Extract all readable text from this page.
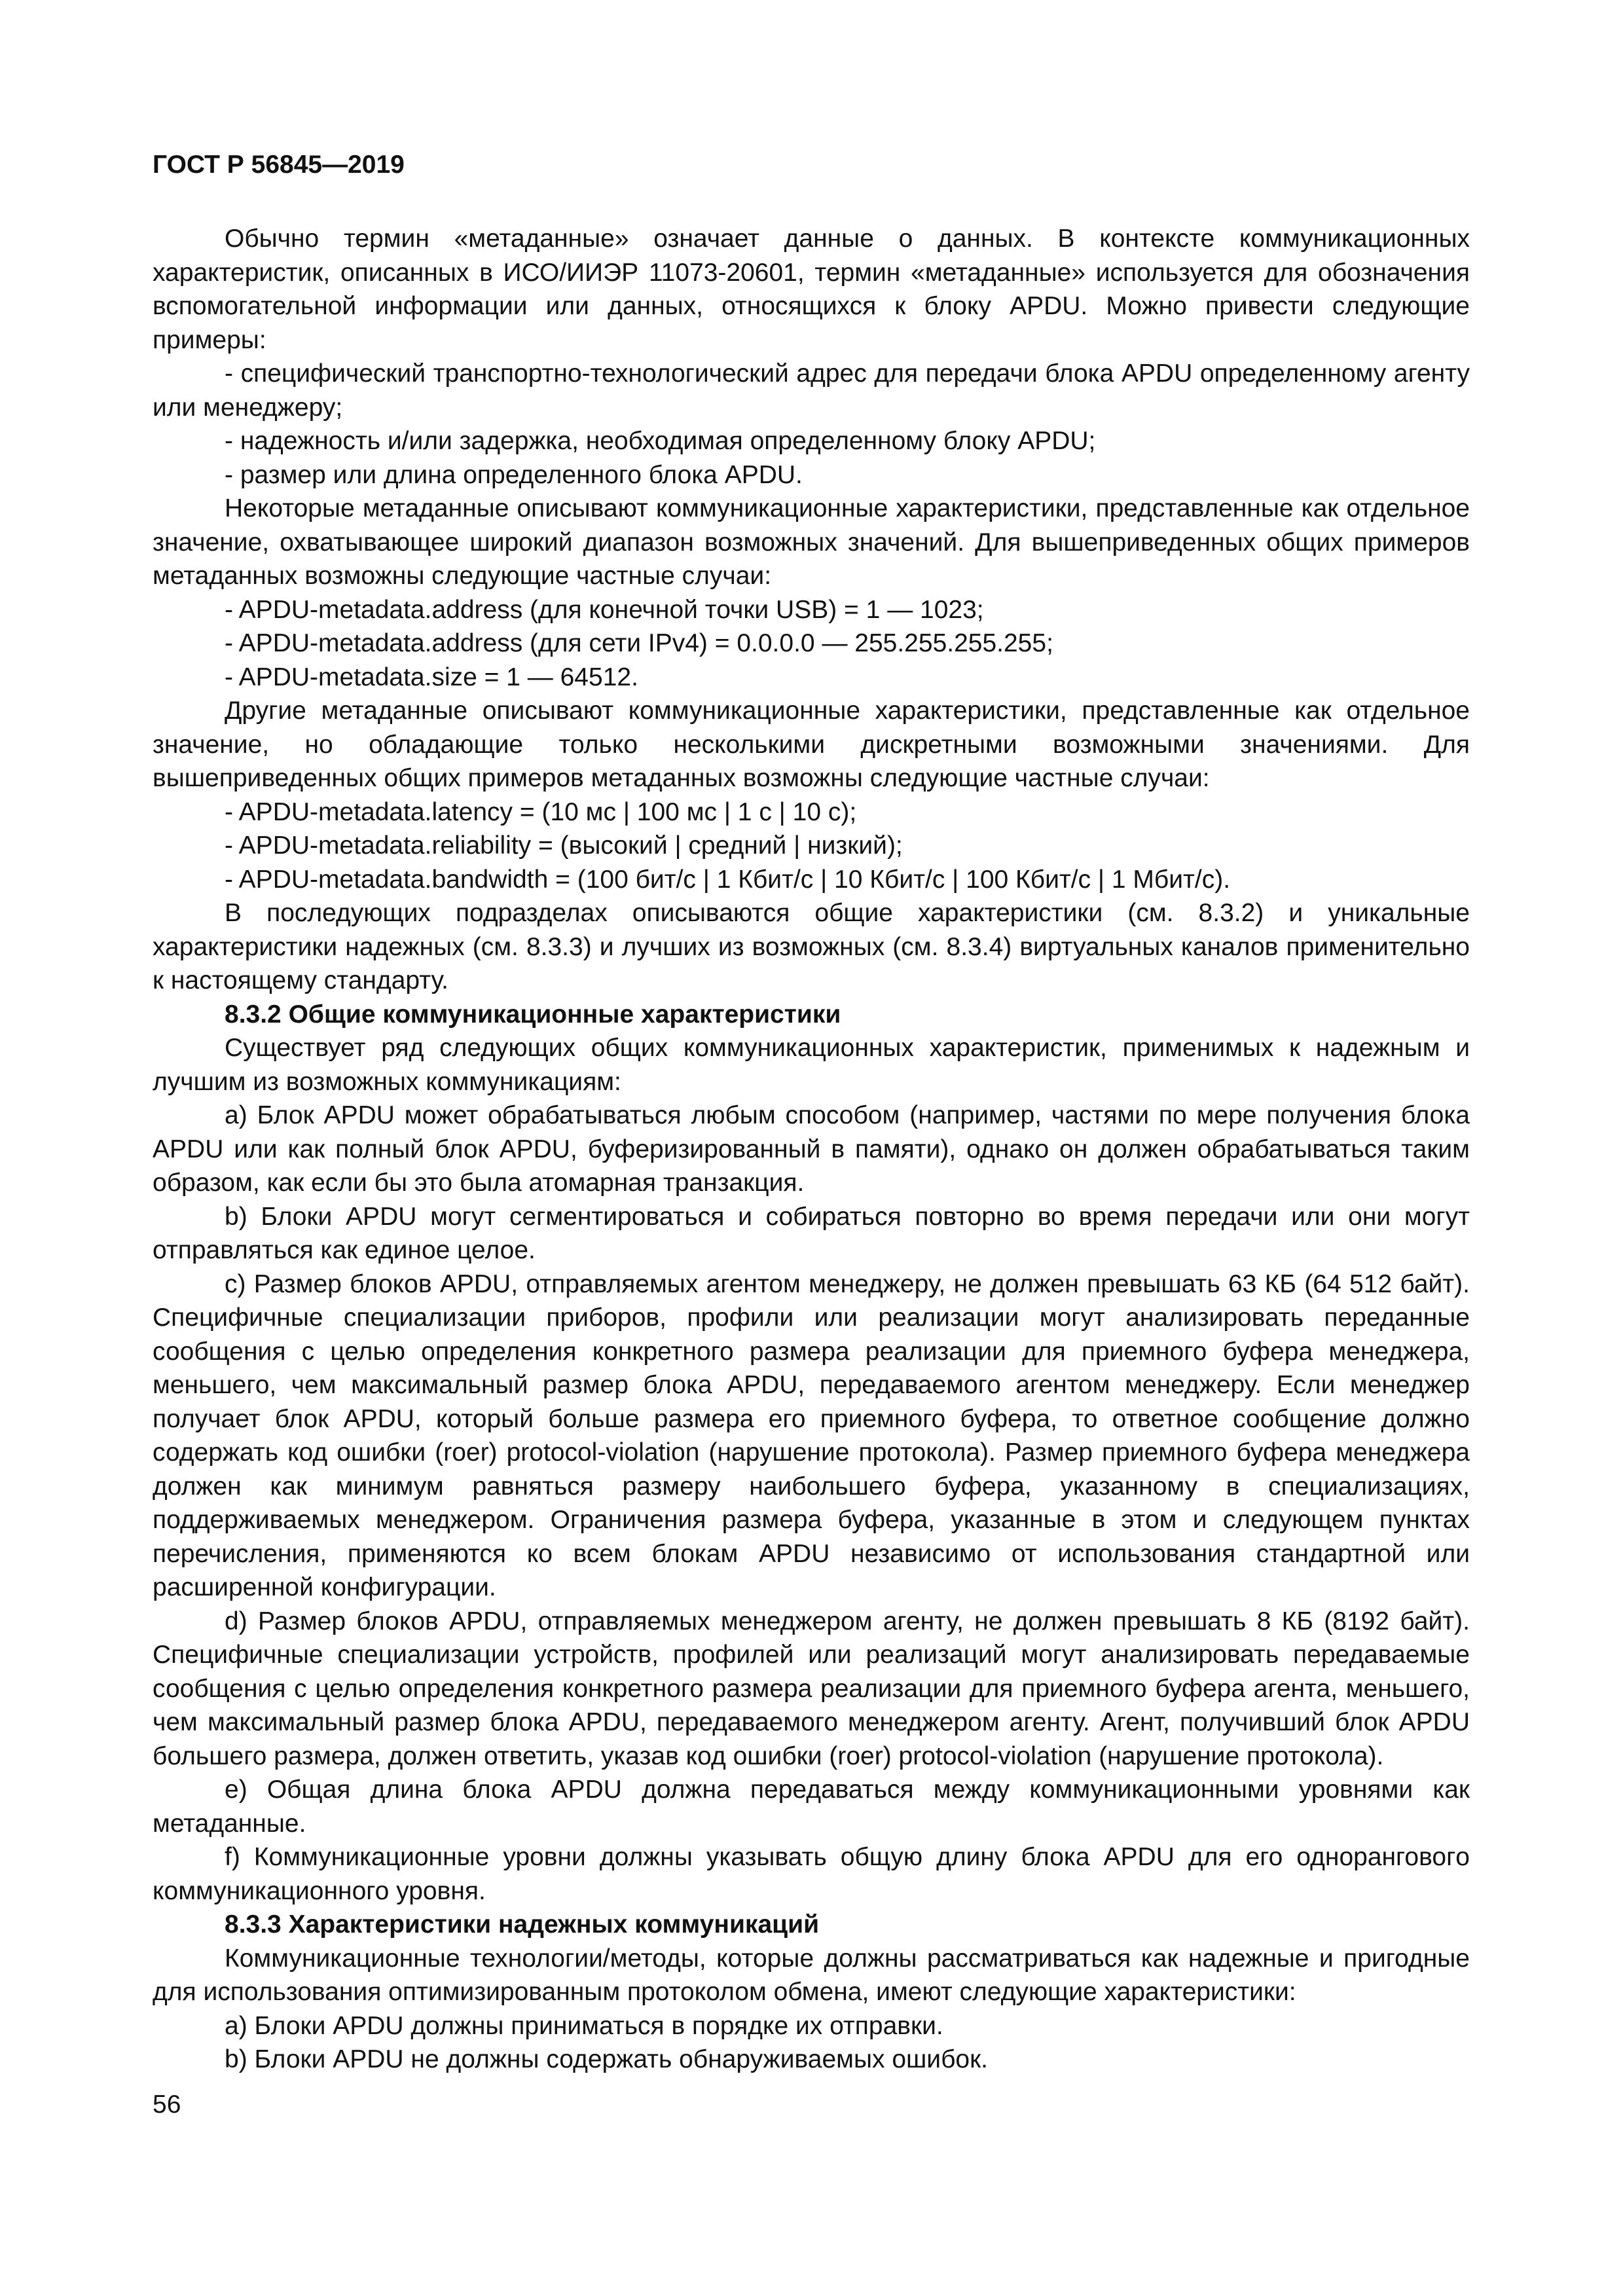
ГОСТ Р 56845—2019

Обычно термин «метаданные» означает данные о данных. В контексте коммуникационных характеристик, описанных в ИСО/ИИЭР 11073-20601, термин «метаданные» используется для обозначения вспомогательной информации или данных, относящихся к блоку APDU. Можно привести следующие примеры:

- специфический транспортно-технологический адрес для передачи блока APDU определенному агенту или менеджеру;

- надежность и/или задержка, необходимая определенному блоку APDU;

- размер или длина определенного блока APDU.

Некоторые метаданные описывают коммуникационные характеристики, представленные как отдельное значение, охватывающее широкий диапазон возможных значений. Для вышеприведенных общих примеров метаданных возможны следующие частные случаи:

- APDU-metadata.address (для конечной точки USB) = 1 — 1023;

- APDU-metadata.address (для сети IPv4) = 0.0.0.0 — 255.255.255.255;

- APDU-metadata.size = 1 — 64512.

Другие метаданные описывают коммуникационные характеристики, представленные как отдельное значение, но обладающие только несколькими дискретными возможными значениями. Для вышеприведенных общих примеров метаданных возможны следующие частные случаи:

- APDU-metadata.latency = (10 мс | 100 мс | 1 с | 10 с);

- APDU-metadata.reliability = (высокий | средний | низкий);

- APDU-metadata.bandwidth = (100 бит/с | 1 Кбит/с | 10 Кбит/с | 100 Кбит/с | 1 Мбит/с).

В последующих подразделах описываются общие характеристики (см. 8.3.2) и уникальные характеристики надежных (см. 8.3.3) и лучших из возможных (см. 8.3.4) виртуальных каналов применительно к настоящему стандарту.

8.3.2 Общие коммуникационные характеристики

Существует ряд следующих общих коммуникационных характеристик, применимых к надежным и лучшим из возможных коммуникациям:

a) Блок APDU может обрабатываться любым способом (например, частями по мере получения блока APDU или как полный блок APDU, буферизированный в памяти), однако он должен обрабатываться таким образом, как если бы это была атомарная транзакция.

b) Блоки APDU могут сегментироваться и собираться повторно во время передачи или они могут отправляться как единое целое.

c) Размер блоков APDU, отправляемых агентом менеджеру, не должен превышать 63 КБ (64 512 байт). Специфичные специализации приборов, профили или реализации могут анализировать переданные сообщения с целью определения конкретного размера реализации для приемного буфера менеджера, меньшего, чем максимальный размер блока APDU, передаваемого агентом менеджеру. Если менеджер получает блок APDU, который больше размера его приемного буфера, то ответное сообщение должно содержать код ошибки (roer) protocol-violation (нарушение протокола). Размер приемного буфера менеджера должен как минимум равняться размеру наибольшего буфера, указанному в специализациях, поддерживаемых менеджером. Ограничения размера буфера, указанные в этом и следующем пунктах перечисления, применяются ко всем блокам APDU независимо от использования стандартной или расширенной конфигурации.

d) Размер блоков APDU, отправляемых менеджером агенту, не должен превышать 8 КБ (8192 байт). Специфичные специализации устройств, профилей или реализаций могут анализировать передаваемые сообщения с целью определения конкретного размера реализации для приемного буфера агента, меньшего, чем максимальный размер блока APDU, передаваемого менеджером агенту. Агент, получивший блок APDU большего размера, должен ответить, указав код ошибки (roer) protocol-violation (нарушение протокола).

e) Общая длина блока APDU должна передаваться между коммуникационными уровнями как метаданные.

f) Коммуникационные уровни должны указывать общую длину блока APDU для его одноранговогo коммуникационного уровня.

8.3.3 Характеристики надежных коммуникаций

Коммуникационные технологии/методы, которые должны рассматриваться как надежные и пригодные для использования оптимизированным протоколом обмена, имеют следующие характеристики:

a) Блоки APDU должны приниматься в порядке их отправки.

b) Блоки APDU не должны содержать обнаруживаемых ошибок.

56
